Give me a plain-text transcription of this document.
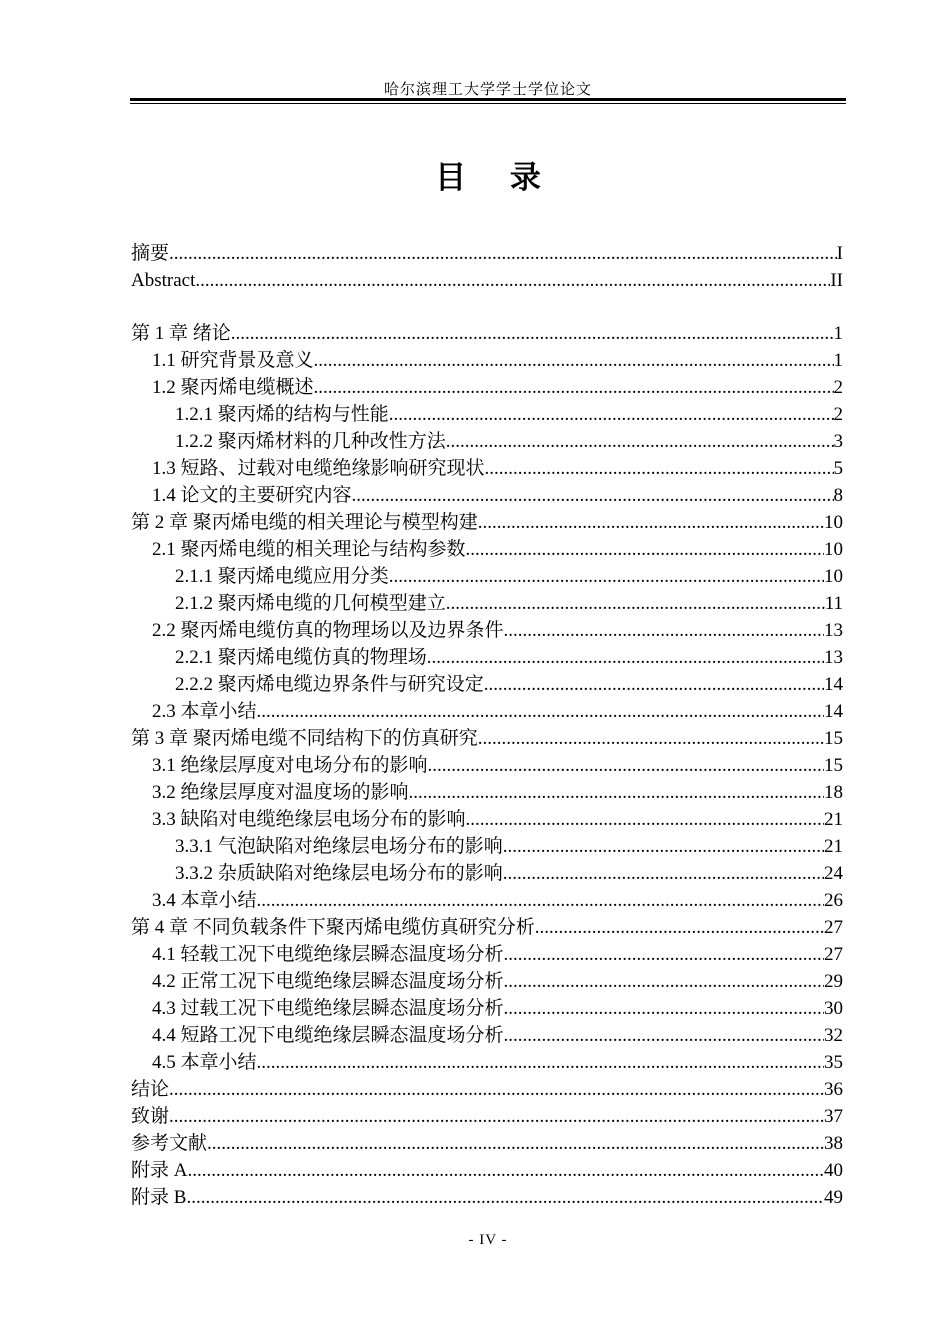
哈尔滨理工大学学士学位论文
目 录
摘要 .....	I
Abstract .....	II
第 1 章 绪论 .....	1
1.1 研究背景及意义 .....	1
1.2 聚丙烯电缆概述 .....	2
1.2.1 聚丙烯的结构与性能 .....	2
1.2.2 聚丙烯材料的几种改性方法 .....	3
1.3 短路、过载对电缆绝缘影响研究现状 .....	5
1.4 论文的主要研究内容 .....	8
第 2 章 聚丙烯电缆的相关理论与模型构建 .....	10
2.1 聚丙烯电缆的相关理论与结构参数 .....	10
2.1.1 聚丙烯电缆应用分类 .....	10
2.1.2 聚丙烯电缆的几何模型建立 .....	11
2.2 聚丙烯电缆仿真的物理场以及边界条件 .....	13
2.2.1 聚丙烯电缆仿真的物理场 .....	13
2.2.2 聚丙烯电缆边界条件与研究设定 .....	14
2.3 本章小结 .....	14
第 3 章 聚丙烯电缆不同结构下的仿真研究 .....	15
3.1 绝缘层厚度对电场分布的影响 .....	15
3.2 绝缘层厚度对温度场的影响 .....	18
3.3 缺陷对电缆绝缘层电场分布的影响 .....	21
3.3.1 气泡缺陷对绝缘层电场分布的影响 .....	21
3.3.2 杂质缺陷对绝缘层电场分布的影响 .....	24
3.4 本章小结 .....	26
第 4 章 不同负载条件下聚丙烯电缆仿真研究分析 .....	27
4.1 轻载工况下电缆绝缘层瞬态温度场分析 .....	27
4.2 正常工况下电缆绝缘层瞬态温度场分析 .....	29
4.3 过载工况下电缆绝缘层瞬态温度场分析 .....	30
4.4 短路工况下电缆绝缘层瞬态温度场分析 .....	32
4.5 本章小结 .....	35
结论 .....	36
致谢 .....	37
参考文献 .....	38
附录 A .....	40
附录 B .....	49
- IV -
